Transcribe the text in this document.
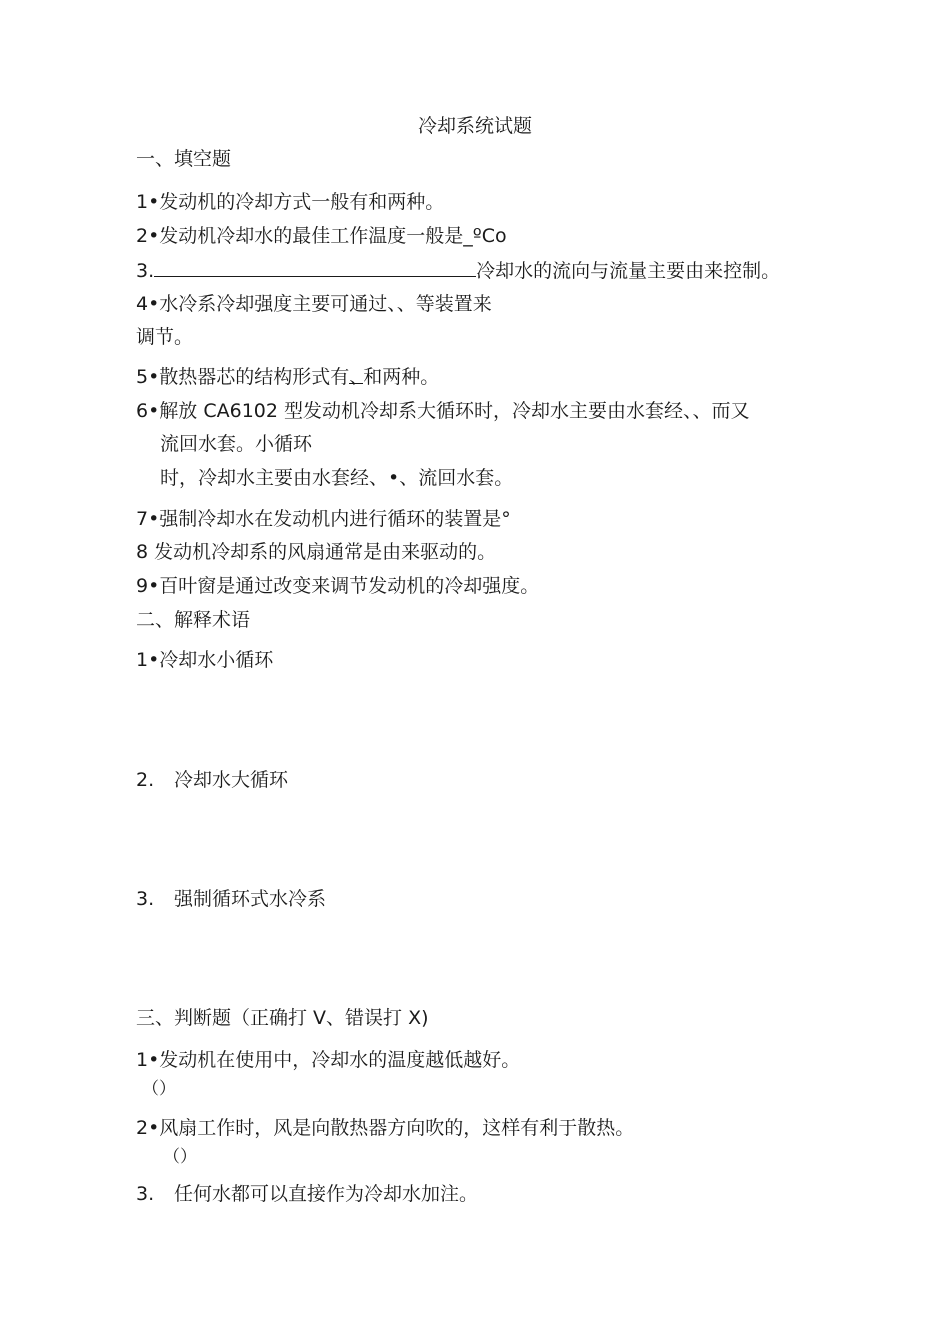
冷却系统试题
一、填空题
1•发动机的冷却方式一般有和两种。
2•发动机冷却水的最佳工作温度一般是_ºCo
3.	冷却水的流向与流量主要由来控制。
4•水冷系冷却强度主要可通过、、等装置来
调节。
5•散热器芯的结构形式有、和两种。
6•解放 CA6102 型发动机冷却系大循环时，冷却水主要由水套经、、而又
流回水套。小循环
时，冷却水主要由水套经、•、流回水套。
7•强制冷却水在发动机内进行循环的装置是°
8 发动机冷却系的风扇通常是由来驱动的。
9•百叶窗是通过改变来调节发动机的冷却强度。
二、解释术语
1•冷却水小循环
2. 冷却水大循环
3. 强制循环式水冷系
三、判断题（正确打 V、错误打 X)
1•发动机在使用中，冷却水的温度越低越好。
（）
2•风扇工作时，风是向散热器方向吹的，这样有利于散热。
（）
3. 任何水都可以直接作为冷却水加注。
